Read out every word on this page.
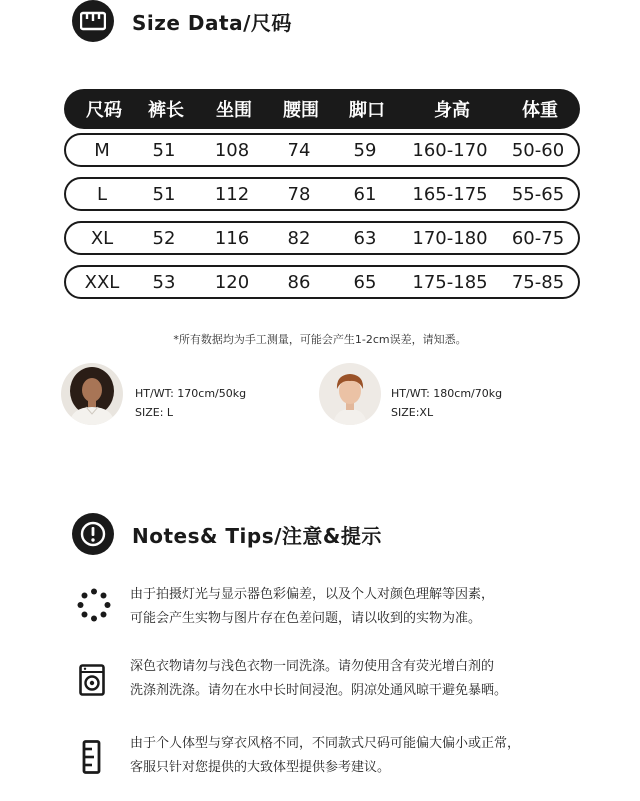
Size Data/尺码
尺码	裤长	坐围	腰围	脚口	身高	体重
M	51	108	74	59	160-170	50-60
L	51	112	78	61	165-175	55-65
XL	52	116	82	63	170-180	60-75
XXL	53	120	86	65	175-185	75-85
*所有数据均为手工测量，可能会产生1-2cm误差，请知悉。
HT/WT: 170cm/50kg
SIZE: L
HT/WT: 180cm/70kg
SIZE:XL
Notes& Tips/注意&提示
由于拍摄灯光与显示器色彩偏差，以及个人对颜色理解等因素，
可能会产生实物与图片存在色差问题，请以收到的实物为准。
深色衣物请勿与浅色衣物一同洗涤。请勿使用含有荧光增白剂的
洗涤剂洗涤。请勿在水中长时间浸泡。阴凉处通风晾干避免暴晒。
由于个人体型与穿衣风格不同，不同款式尺码可能偏大偏小或正常，
客服只针对您提供的大致体型提供参考建议。
